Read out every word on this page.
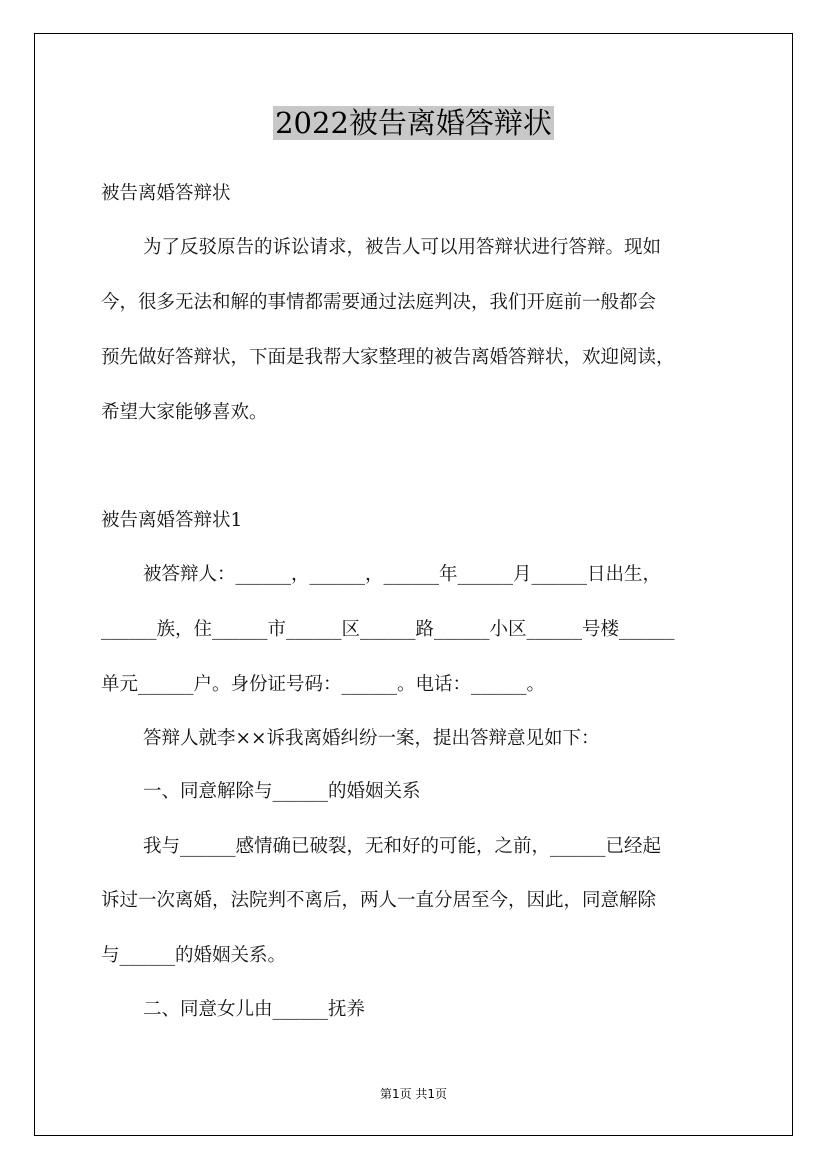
2022被告离婚答辩状
被告离婚答辩状
为了反驳原告的诉讼请求，被告人可以用答辩状进行答辩。现如
今，很多无法和解的事情都需要通过法庭判决，我们开庭前一般都会
预先做好答辩状，下面是我帮大家整理的被告离婚答辩状，欢迎阅读，
希望大家能够喜欢。
被告离婚答辩状1
被答辩人：______，______，______年______月______日出生，
______族，住______市______区______路______小区______号楼______
单元______户。身份证号码：______。电话：______。
答辩人就李××诉我离婚纠纷一案，提出答辩意见如下：
一、同意解除与______的婚姻关系
我与______感情确已破裂，无和好的可能，之前，______已经起
诉过一次离婚，法院判不离后，两人一直分居至今，因此，同意解除
与______的婚姻关系。
二、同意女儿由______抚养
第1页 共1页
